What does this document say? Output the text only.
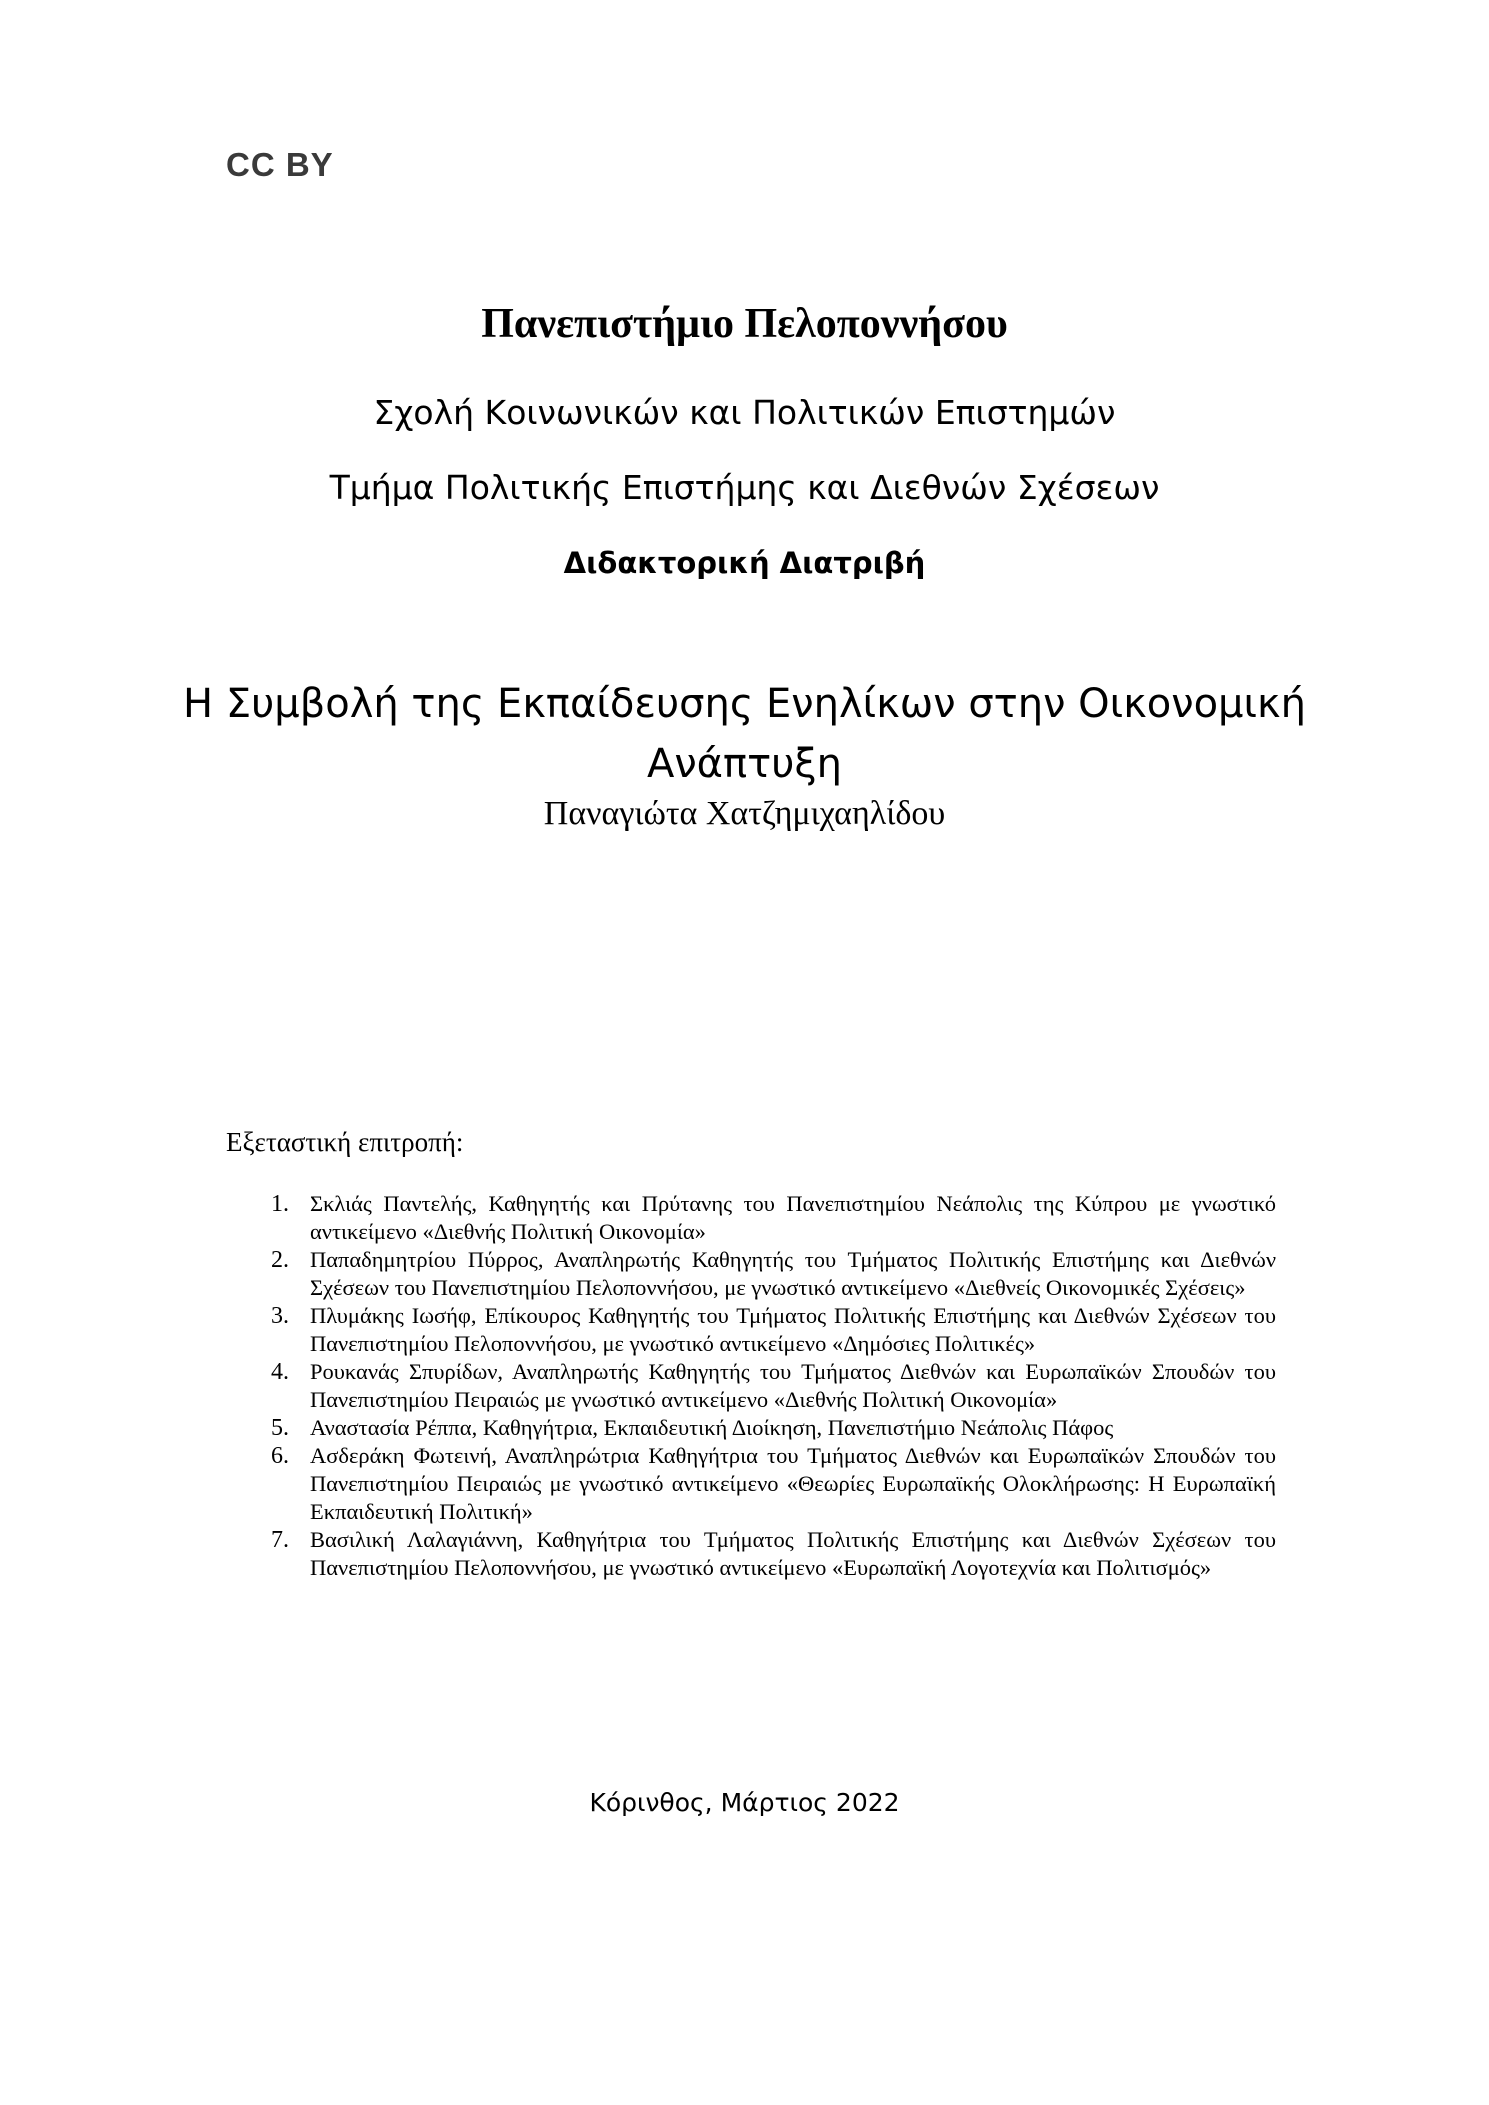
CC BY
Πανεπιστήμιο Πελοποννήσου
Σχολή Κοινωνικών και Πολιτικών Επιστημών
Τμήμα Πολιτικής Επιστήμης και Διεθνών Σχέσεων
Διδακτορική Διατριβή
Η Συμβολή της Εκπαίδευσης Ενηλίκων στην Οικονομική
Ανάπτυξη
Παναγιώτα Χατζημιχαηλίδου
Εξεταστική επιτροπή:
1. Σκλιάς Παντελής, Καθηγητής και Πρύτανης του Πανεπιστημίου Νεάπολις της Κύπρου με γνωστικό αντικείμενο «Διεθνής Πολιτική Οικονομία»
2. Παπαδημητρίου Πύρρος, Αναπληρωτής Καθηγητής του Τμήματος Πολιτικής Επιστήμης και Διεθνών Σχέσεων του Πανεπιστημίου Πελοποννήσου, με γνωστικό αντικείμενο «Διεθνείς Οικονομικές Σχέσεις»
3. Πλυμάκης Ιωσήφ, Επίκουρος Καθηγητής του Τμήματος Πολιτικής Επιστήμης και Διεθνών Σχέσεων του Πανεπιστημίου Πελοποννήσου, με γνωστικό αντικείμενο «Δημόσιες Πολιτικές»
4. Ρουκανάς Σπυρίδων, Αναπληρωτής Καθηγητής του Τμήματος Διεθνών και Ευρωπαϊκών Σπουδών του Πανεπιστημίου Πειραιώς με γνωστικό αντικείμενο «Διεθνής Πολιτική Οικονομία»
5. Αναστασία Ρέππα, Καθηγήτρια, Εκπαιδευτική Διοίκηση, Πανεπιστήμιο Νεάπολις Πάφος
6. Ασδεράκη Φωτεινή, Αναπληρώτρια Καθηγήτρια του Τμήματος Διεθνών και Ευρωπαϊκών Σπουδών του Πανεπιστημίου Πειραιώς με γνωστικό αντικείμενο «Θεωρίες Ευρωπαϊκής Ολοκλήρωσης: Η Ευρωπαϊκή Εκπαιδευτική Πολιτική»
7. Βασιλική Λαλαγιάννη, Καθηγήτρια του Τμήματος Πολιτικής Επιστήμης και Διεθνών Σχέσεων του Πανεπιστημίου Πελοποννήσου, με γνωστικό αντικείμενο «Ευρωπαϊκή Λογοτεχνία και Πολιτισμός»
Κόρινθος, Μάρτιος 2022
